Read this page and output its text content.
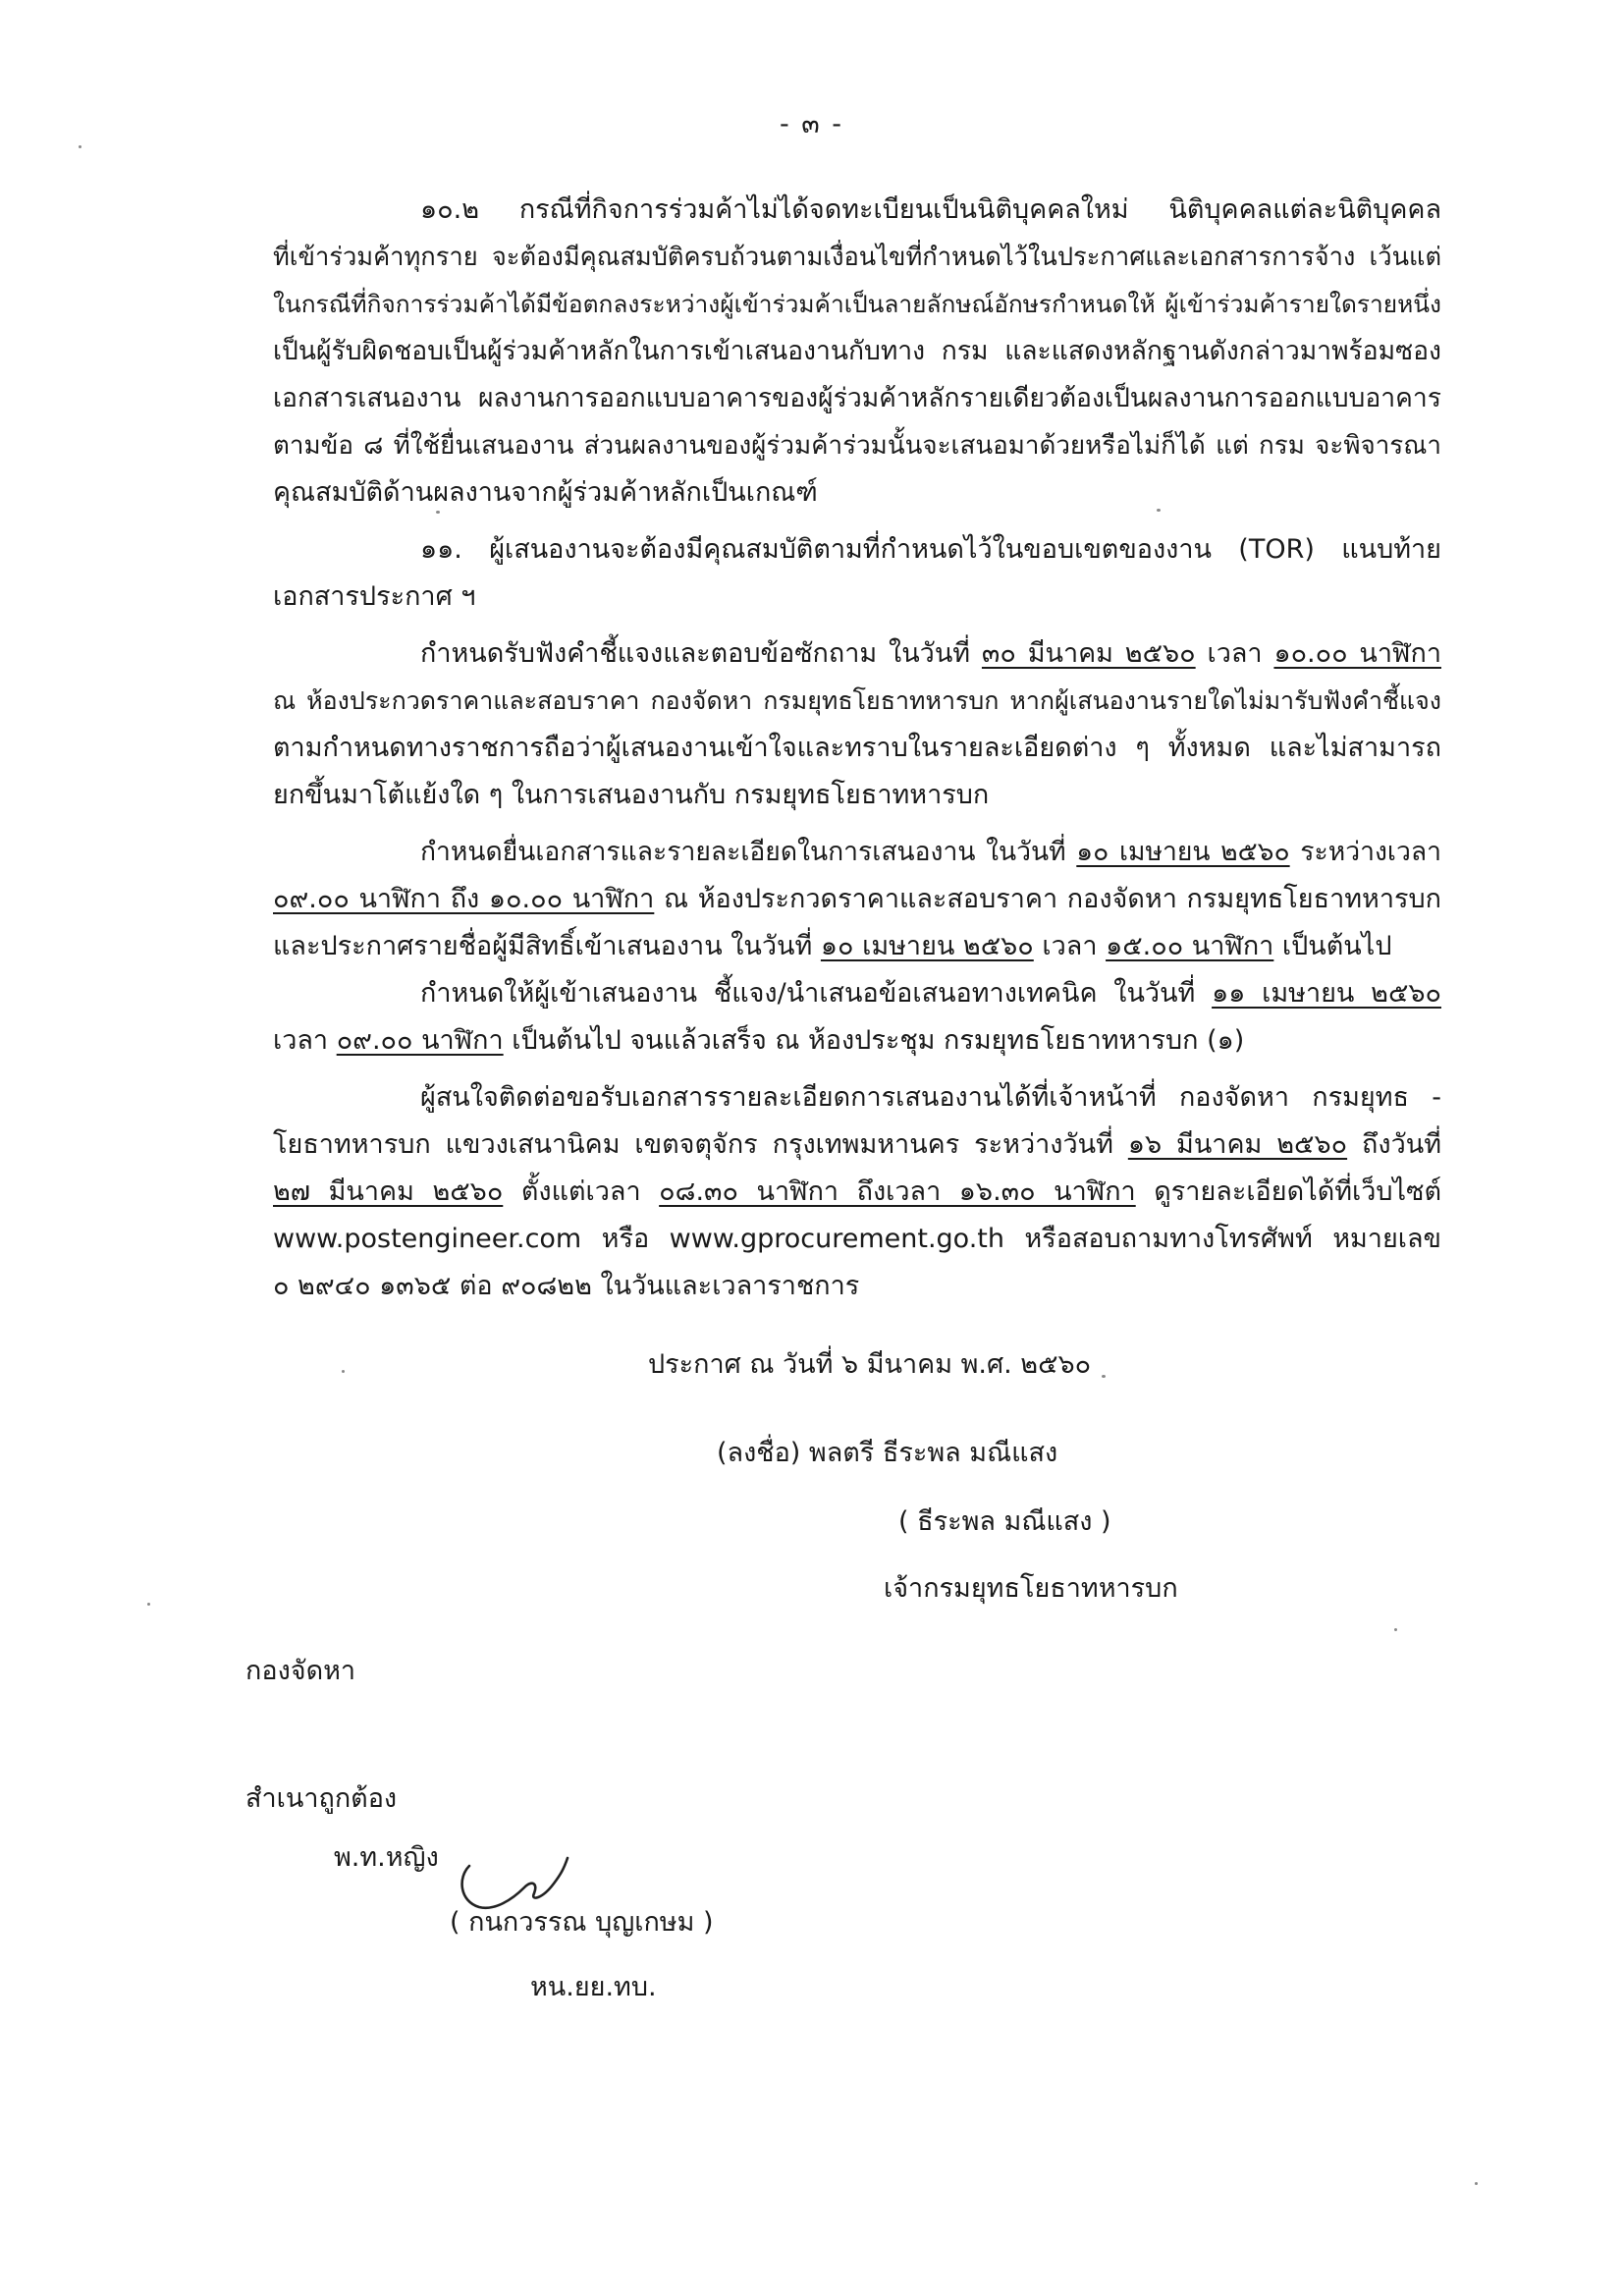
- ๓ -
๑๐.๒ กรณีที่กิจการร่วมค้าไม่ได้จดทะเบียนเป็นนิติบุคคลใหม่ นิติบุคคลแต่ละนิติบุคคล
ที่เข้าร่วมค้าทุกราย จะต้องมีคุณสมบัติครบถ้วนตามเงื่อนไขที่กำหนดไว้ในประกาศและเอกสารการจ้าง เว้นแต่
ในกรณีที่กิจการร่วมค้าได้มีข้อตกลงระหว่างผู้เข้าร่วมค้าเป็นลายลักษณ์อักษรกำหนดให้ ผู้เข้าร่วมค้ารายใดรายหนึ่ง
เป็นผู้รับผิดชอบเป็นผู้ร่วมค้าหลักในการเข้าเสนองานกับทาง กรม และแสดงหลักฐานดังกล่าวมาพร้อมซอง
เอกสารเสนองาน ผลงานการออกแบบอาคารของผู้ร่วมค้าหลักรายเดียวต้องเป็นผลงานการออกแบบอาคาร
ตามข้อ ๘ ที่ใช้ยื่นเสนองาน ส่วนผลงานของผู้ร่วมค้าร่วมนั้นจะเสนอมาด้วยหรือไม่ก็ได้ แต่ กรม จะพิจารณา
คุณสมบัติด้านผลงานจากผู้ร่วมค้าหลักเป็นเกณฑ์
๑๑. ผู้เสนองานจะต้องมีคุณสมบัติตามที่กำหนดไว้ในขอบเขตของงาน (TOR) แนบท้าย
เอกสารประกาศ ฯ
กำหนดรับฟังคำชี้แจงและตอบข้อซักถาม ในวันที่ ๓๐ มีนาคม ๒๕๖๐ เวลา ๑๐.๐๐ นาฬิกา
ณ ห้องประกวดราคาและสอบราคา กองจัดหา กรมยุทธโยธาทหารบก หากผู้เสนองานรายใดไม่มารับฟังคำชี้แจง
ตามกำหนดทางราชการถือว่าผู้เสนองานเข้าใจและทราบในรายละเอียดต่าง ๆ ทั้งหมด และไม่สามารถ
ยกขึ้นมาโต้แย้งใด ๆ ในการเสนองานกับ กรมยุทธโยธาทหารบก
กำหนดยื่นเอกสารและรายละเอียดในการเสนองาน ในวันที่ ๑๐ เมษายน ๒๕๖๐ ระหว่างเวลา
๐๙.๐๐ นาฬิกา ถึง ๑๐.๐๐ นาฬิกา ณ ห้องประกวดราคาและสอบราคา กองจัดหา กรมยุทธโยธาทหารบก
และประกาศรายชื่อผู้มีสิทธิ์เข้าเสนองาน ในวันที่ ๑๐ เมษายน ๒๕๖๐ เวลา ๑๕.๐๐ นาฬิกา เป็นต้นไป
กำหนดให้ผู้เข้าเสนองาน ชี้แจง/นำเสนอข้อเสนอทางเทคนิค ในวันที่ ๑๑ เมษายน ๒๕๖๐
เวลา ๐๙.๐๐ นาฬิกา เป็นต้นไป จนแล้วเสร็จ ณ ห้องประชุม กรมยุทธโยธาทหารบก (๑)
ผู้สนใจติดต่อขอรับเอกสารรายละเอียดการเสนองานได้ที่เจ้าหน้าที่ กองจัดหา กรมยุทธ -
โยธาทหารบก แขวงเสนานิคม เขตจตุจักร กรุงเทพมหานคร ระหว่างวันที่ ๑๖ มีนาคม ๒๕๖๐ ถึงวันที่
๒๗ มีนาคม ๒๕๖๐ ตั้งแต่เวลา ๐๘.๓๐ นาฬิกา ถึงเวลา ๑๖.๓๐ นาฬิกา ดูรายละเอียดได้ที่เว็บไซต์
www.postengineer.com หรือ www.gprocurement.go.th หรือสอบถามทางโทรศัพท์ หมายเลข
๐ ๒๙๔๐ ๑๓๖๕ ต่อ ๙๐๘๒๒ ในวันและเวลาราชการ
ประกาศ ณ วันที่ ๖ มีนาคม พ.ศ. ๒๕๖๐
(ลงชื่อ) พลตรี ธีระพล มณีแสง
( ธีระพล มณีแสง )
เจ้ากรมยุทธโยธาทหารบก
กองจัดหา
สำเนาถูกต้อง
พ.ท.หญิง
( กนกวรรณ บุญเกษม )
หน.ยย.ทบ.
